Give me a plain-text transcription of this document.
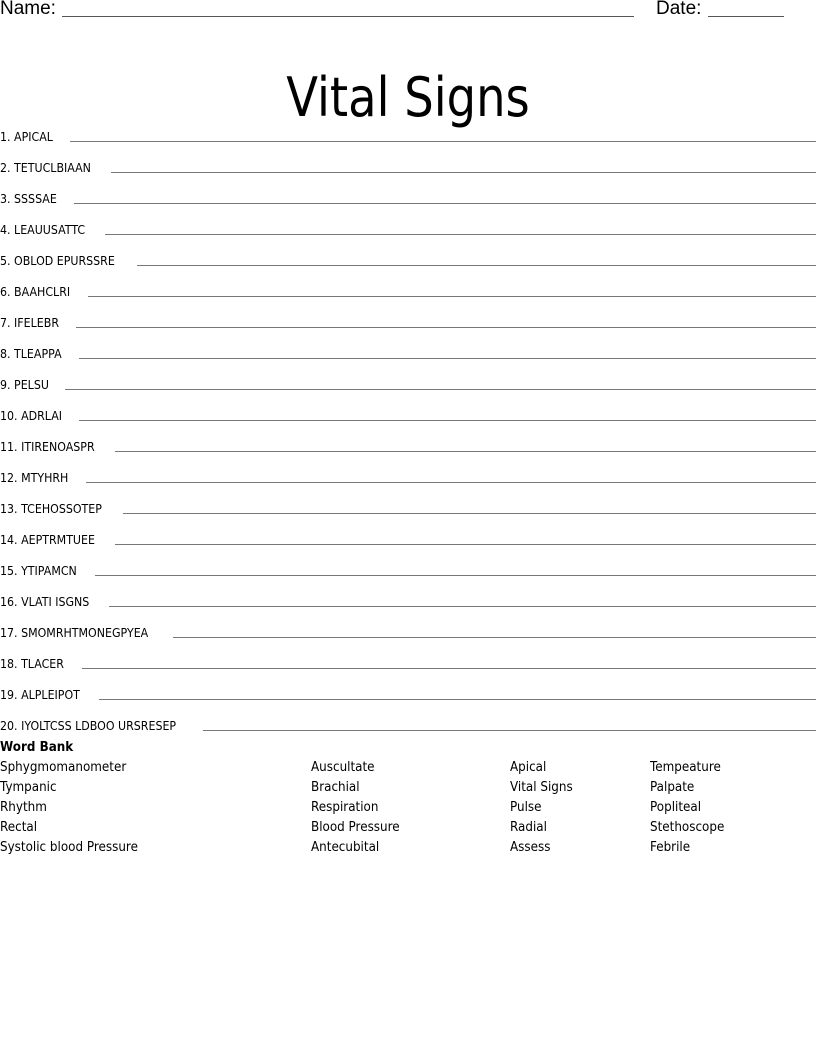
Name:	Date:
Vital Signs
1. APICAL
2. TETUCLBIAAN
3. SSSSAE
4. LEAUUSATTC
5. OBLOD EPURSSRE
6. BAAHCLRI
7. IFELEBR
8. TLEAPPA
9. PELSU
10. ADRLAI
11. ITIRENOASPR
12. MTYHRH
13. TCEHOSSOTEP
14. AEPTRMTUEE
15. YTIPAMCN
16. VLATI ISGNS
17. SMOMRHTMONEGPYEA
18. TLACER
19. ALPLEIPOT
20. IYOLTCSS LDBOO URSRESEP
Word Bank
Sphygmomanometer	Auscultate	Apical	Tempeature
Tympanic	Brachial	Vital Signs	Palpate
Rhythm	Respiration	Pulse	Popliteal
Rectal	Blood Pressure	Radial	Stethoscope
Systolic blood Pressure	Antecubital	Assess	Febrile
